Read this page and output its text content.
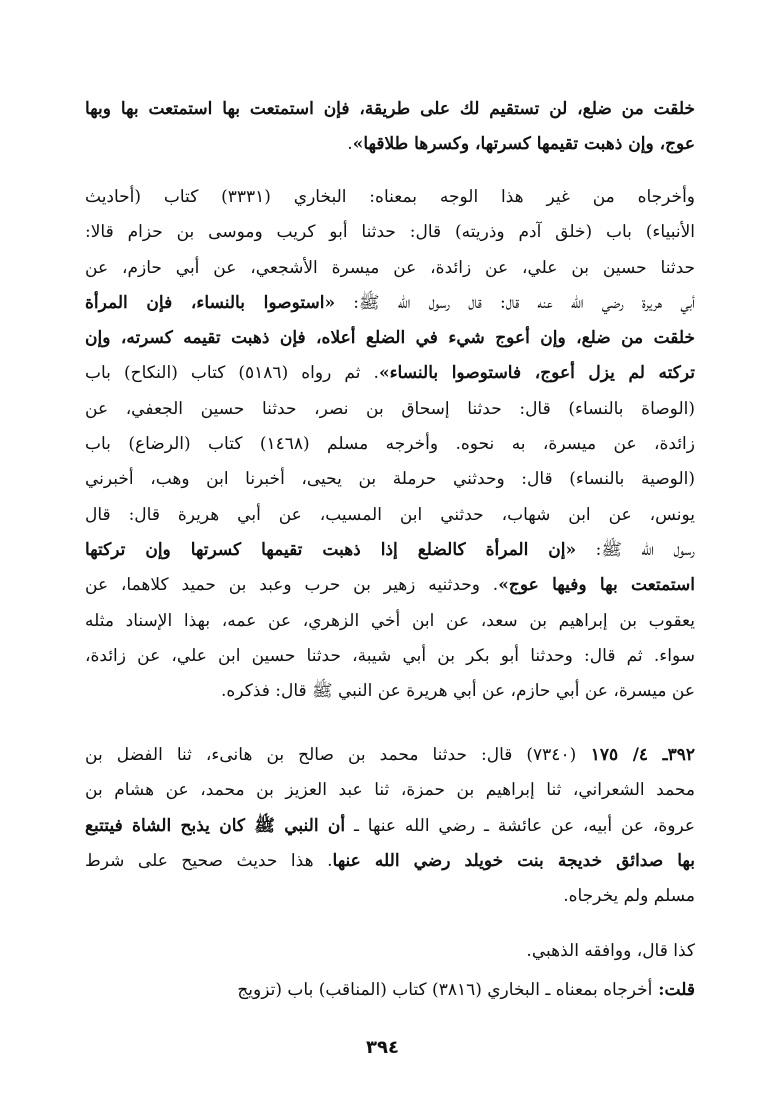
خلقت من ضلع، لن تستقيم لك على طريقة، فإن استمتعت بها استمتعت بها وبها
عوج، وإن ذهبت تقيمها كسرتها، وكسرها طلاقها».
وأخرجاه من غير هذا الوجه بمعناه: البخاري (٣٣٣١) كتاب (أحاديث
الأنبياء) باب (خلق آدم وذريته) قال: حدثنا أبو كريب وموسى بن حزام قالا:
حدثنا حسين بن علي، عن زائدة، عن ميسرة الأشجعي، عن أبي حازم، عن
أبي هريرة رضي الله عنه قال: قال رسول الله ﷺ: «استوصوا بالنساء، فإن المرأة
خلقت من ضلع، وإن أعوج شيء في الضلع أعلاه، فإن ذهبت تقيمه كسرته، وإن
تركته لم يزل أعوج، فاستوصوا بالنساء». ثم رواه (٥١٨٦) كتاب (النكاح) باب
(الوصاة بالنساء) قال: حدثنا إسحاق بن نصر، حدثنا حسين الجعفي، عن
زائدة، عن ميسرة، به نحوه. وأخرجه مسلم (١٤٦٨) كتاب (الرضاع) باب
(الوصية بالنساء) قال: وحدثني حرملة بن يحيى، أخبرنا ابن وهب، أخبرني
يونس، عن ابن شهاب، حدثني ابن المسيب، عن أبي هريرة قال: قال
رسول الله ﷺ: «إن المرأة كالضلع إذا ذهبت تقيمها كسرتها وإن تركتها
استمتعت بها وفيها عوج». وحدثنيه زهير بن حرب وعبد بن حميد كلاهما، عن
يعقوب بن إبراهيم بن سعد، عن ابن أخي الزهري، عن عمه، بهذا الإسناد مثله
سواء. ثم قال: وحدثنا أبو بكر بن أبي شيبة، حدثنا حسين ابن علي، عن زائدة،
عن ميسرة، عن أبي حازم، عن أبي هريرة عن النبي ﷺ قال: فذكره.
٣٩٢ـ ٤/ ١٧٥ (٧٣٤٠) قال: حدثنا محمد بن صالح بن هانىء، ثنا الفضل بن
محمد الشعراني، ثنا إبراهيم بن حمزة، ثنا عبد العزيز بن محمد، عن هشام بن
عروة، عن أبيه، عن عائشة ـ رضي الله عنها ـ أن النبي ﷺ كان يذبح الشاة فيتتبع
بها صدائق خديجة بنت خويلد رضي الله عنها. هذا حديث صحيح على شرط
مسلم ولم يخرجاه.
كذا قال، ووافقه الذهبي.
قلت: أخرجاه بمعناه ـ البخاري (٣٨١٦) كتاب (المناقب) باب (تزويج
٣٩٤
